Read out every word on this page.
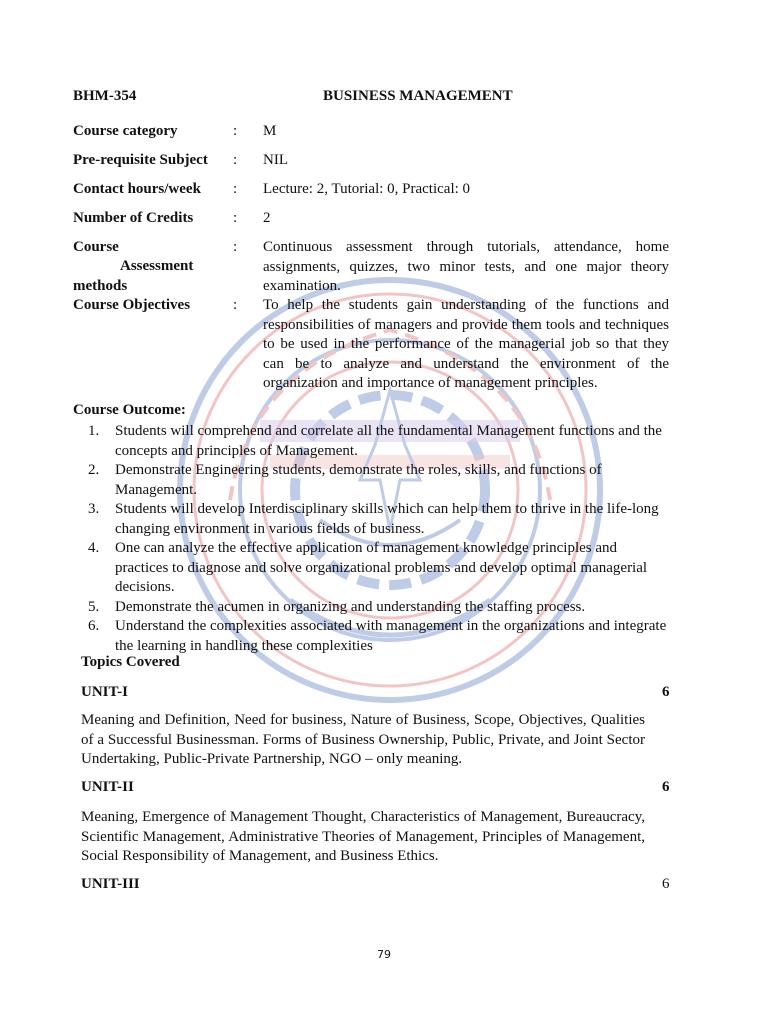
BHM-354	BUSINESS MANAGEMENT
Course category	: M
Pre-requisite Subject : NIL
Contact hours/week : Lecture: 2, Tutorial: 0, Practical: 0
Number of Credits	: 2
Course
Assessment
methods
: Continuous assessment through tutorials, attendance, home assignments, quizzes, two minor tests, and one major theory examination.
Course Objectives	: To help the students gain understanding of the functions and responsibilities of managers and provide them tools and techniques to be used in the performance of the managerial job so that they can be to analyze and understand the environment of the organization and importance of management principles.
Course Outcome:
1. Students will comprehend and correlate all the fundamental Management functions and the concepts and principles of Management.
2. Demonstrate Engineering students, demonstrate the roles, skills, and functions of Management.
3. Students will develop Interdisciplinary skills which can help them to thrive in the life-long changing environment in various fields of business.
4. One can analyze the effective application of management knowledge principles and practices to diagnose and solve organizational problems and develop optimal managerial decisions.
5. Demonstrate the acumen in organizing and understanding the staffing process.
6. Understand the complexities associated with management in the organizations and integrate the learning in handling these complexities
Topics Covered
UNIT-I	6
Meaning and Definition, Need for business, Nature of Business, Scope, Objectives, Qualities of a Successful Businessman. Forms of Business Ownership, Public, Private, and Joint Sector Undertaking, Public-Private Partnership, NGO – only meaning.
UNIT-II	6
Meaning, Emergence of Management Thought, Characteristics of Management, Bureaucracy, Scientific Management, Administrative Theories of Management, Principles of Management, Social Responsibility of Management, and Business Ethics.
UNIT-III	6
79
